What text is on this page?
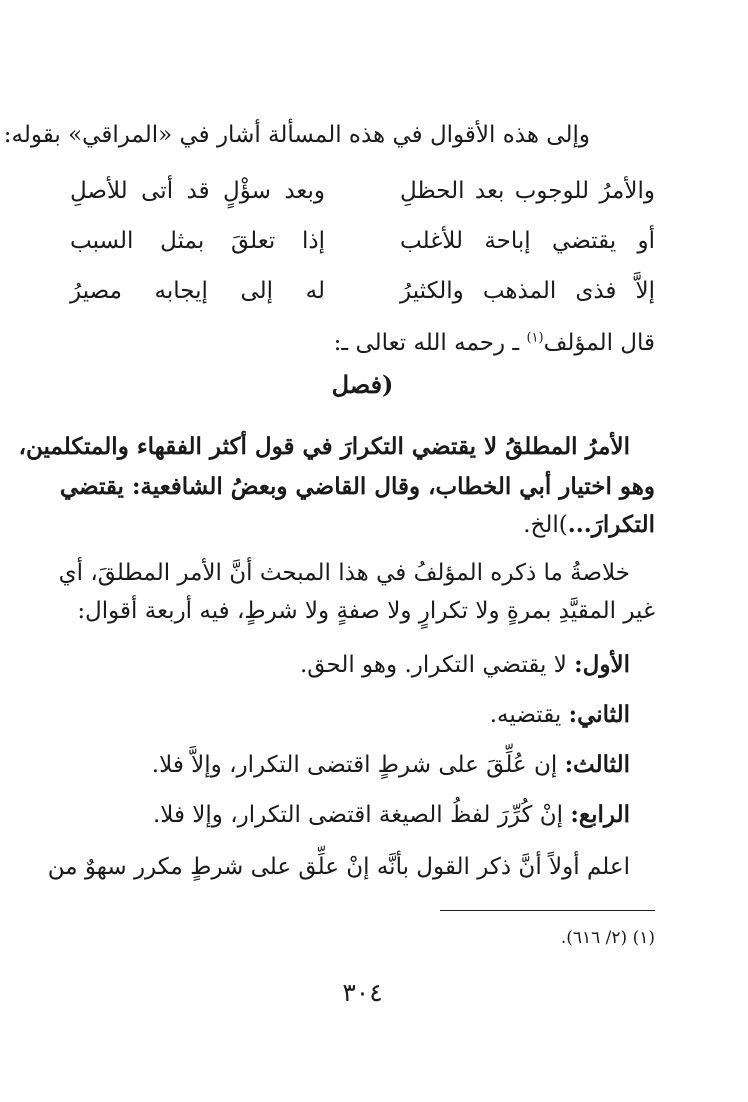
وإلى هذه الأقوال في هذه المسألة أشار في «المراقي» بقوله:
والأمرُ للوجوب بعد الحظلِ
وبعد سؤْلٍ قد أتى للأصلِ
أو يقتضي إباحة للأغلب
إذا تعلقَ بمثل السبب
إلاَّ فذى المذهب والكثيرُ
له إلى إيجابه مصيرُ
قال المؤلف$^{(١)}$ ـ رحمه الله تعالى ـ:
(فصل
الأمرُ المطلقُ لا يقتضي التكرارَ في قول أكثر الفقهاء والمتكلمين،
وهو اختيار أبي الخطاب، وقال القاضي وبعضُ الشافعية: يقتضي
التكرارَ...)الخ.
خلاصةُ ما ذكره المؤلفُ في هذا المبحث أنَّ الأمر المطلقَ، أي
غير المقيَّدِ بمرةٍ ولا تكرارٍ ولا صفةٍ ولا شرطٍ، فيه أربعة أقوال:
الأول: لا يقتضي التكرار. وهو الحق.
الثاني: يقتضيه.
الثالث: إن عُلِّقَ على شرطٍ اقتضى التكرار، وإلاَّ فلا.
الرابع: إنْ كُرِّرَ لفظُ الصيغة اقتضى التكرار، وإلا فلا.
اعلم أولاً أنَّ ذكر القول بأنَّه إنْ علِّق على شرطٍ مكرر سهوٌ من
(١) (٢/ ٦١٦).
٣٠٤
